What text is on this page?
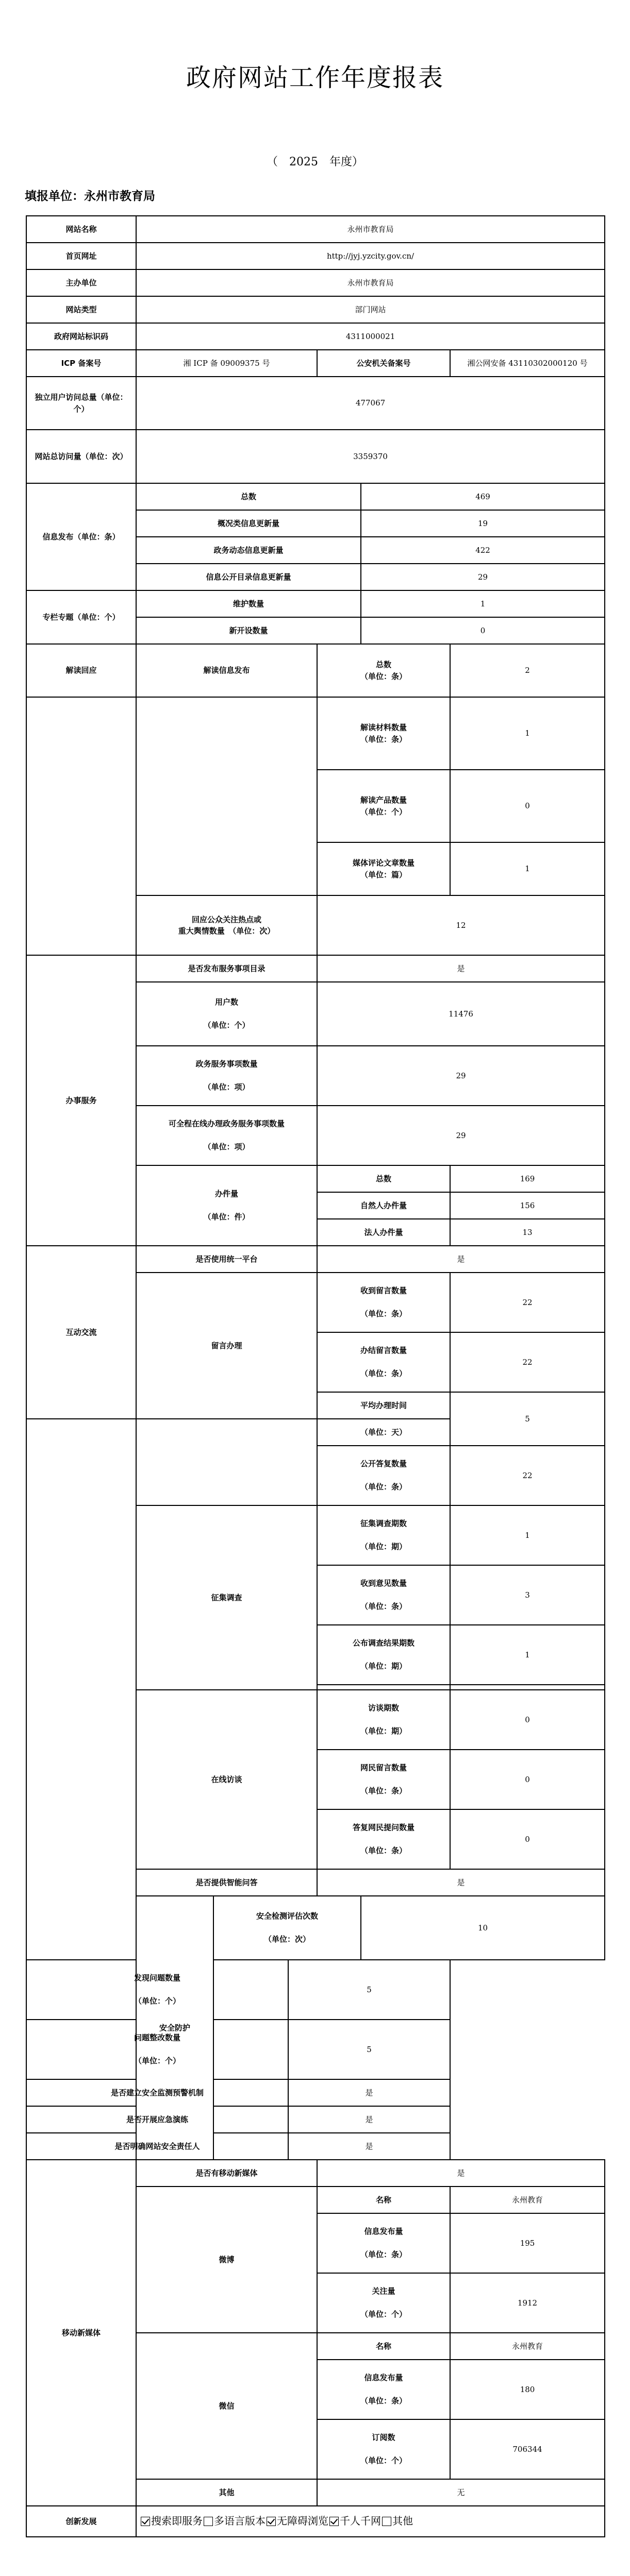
政府网站工作年度报表
（　2025　年度）
填报单位：永州市教育局
网站名称	永州市教育局					
首页网址	http://jyj.yzcity.gov.cn/					
主办单位	永州市教育局					
网站类型	部门网站					
政府网站标识码	4311000021					
ICP 备案号	湘 ICP 备 09009375 号			公安机关备案号		湘公网安备 43110302000120 号
独立用户访问总量（单位：个）	477067					
网站总访问量（单位：次）	3359370					
信息发布（单位：条）	总数				469	
	概况类信息更新量				19	
	政务动态信息更新量				422	
	信息公开目录信息更新量				29	
专栏专题（单位：个）	维护数量				1	
	新开设数量				0	
解读回应	解读信息发布			总数
（单位：条）		2
				解读材料数量
（单位：条）		1
				解读产品数量
（单位：个）		0
				媒体评论文章数量
（单位：篇）		1
	回应公众关注热点或
重大舆情数量　（单位：次）			12		
办事服务	是否发布服务事项目录			是		
	用户数

（单位：个）			11476		
	政务服务事项数量

（单位：项）			29		
	可全程在线办理政务服务事项数量

（单位：项）			29		
	办件量

（单位：件）			总数		169
				自然人办件量		156
				法人办件量		13
互动交流	是否使用统一平台			是		
	留言办理			收到留言数量

（单位：条）		22
				办结留言数量

（单位：条）		22
				平均办理时间		5
				（单位：天）		
				公开答复数量

（单位：条）		22
	征集调查			征集调查期数

（单位：期）		1
				收到意见数量

（单位：条）		3
				公布调查结果期数

（单位：期）		1

	在线访谈			访谈期数

（单位：期）		0
				网民留言数量

（单位：条）		0
				答复网民提问数量

（单位：条）		0
	是否提供智能问答			是		
	安全防护	安全检测评估次数

（单位：次）			10	
发现问题数量

（单位：个）			5			
问题整改数量

（单位：个）			5			
是否建立安全监测预警机制			是			
是否开展应急演练			是			
是否明确网站安全责任人			是			
移动新媒体	是否有移动新媒体			是		
	微博			名称		永州教育
				信息发布量

（单位：条）		195
				关注量

（单位：个）		1912
	微信			名称		永州教育
				信息发布量

（单位：条）		180
				订阅数

（单位：个）		706344
	其他			无		
创新发展	搜索即服务 多语言版本 无障碍浏览 千人千网 其他					
